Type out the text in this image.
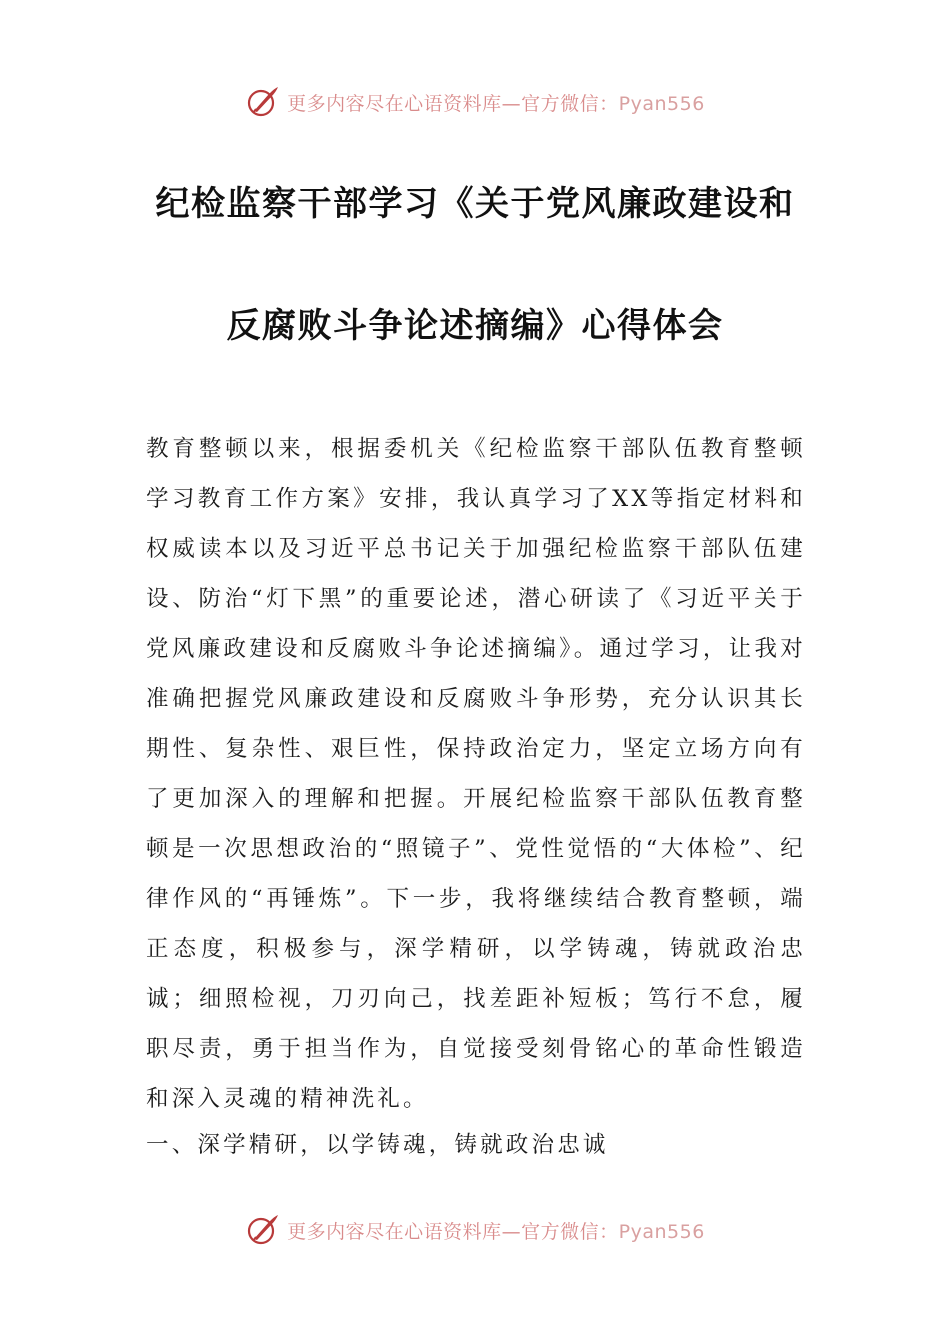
更多内容尽在心语资料库—官方微信：Pyan556
纪检监察干部学习《关于党风廉政建设和
反腐败斗争论述摘编》心得体会

教育整顿以来，根据委机关《纪检监察干部队伍教育整顿学习教育工作方案》安排，我认真学习了XX等指定材料和权威读本以及习近平总书记关于加强纪检监察干部队伍建设、防治“灯下黑”的重要论述，潜心研读了《习近平关于党风廉政建设和反腐败斗争论述摘编》。通过学习，让我对准确把握党风廉政建设和反腐败斗争形势，充分认识其长期性、复杂性、艰巨性，保持政治定力，坚定立场方向有了更加深入的理解和把握。开展纪检监察干部队伍教育整顿是一次思想政治的“照镜子”、党性觉悟的“大体检”、纪律作风的“再锤炼”。下一步，我将继续结合教育整顿，端正态度，积极参与，深学精研，以学铸魂，铸就政治忠诚；细照检视，刀刃向己，找差距补短板；笃行不怠，履职尽责，勇于担当作为，自觉接受刻骨铭心的革命性锻造和深入灵魂的精神洗礼。

一、深学精研，以学铸魂，铸就政治忠诚

更多内容尽在心语资料库—官方微信：Pyan556
